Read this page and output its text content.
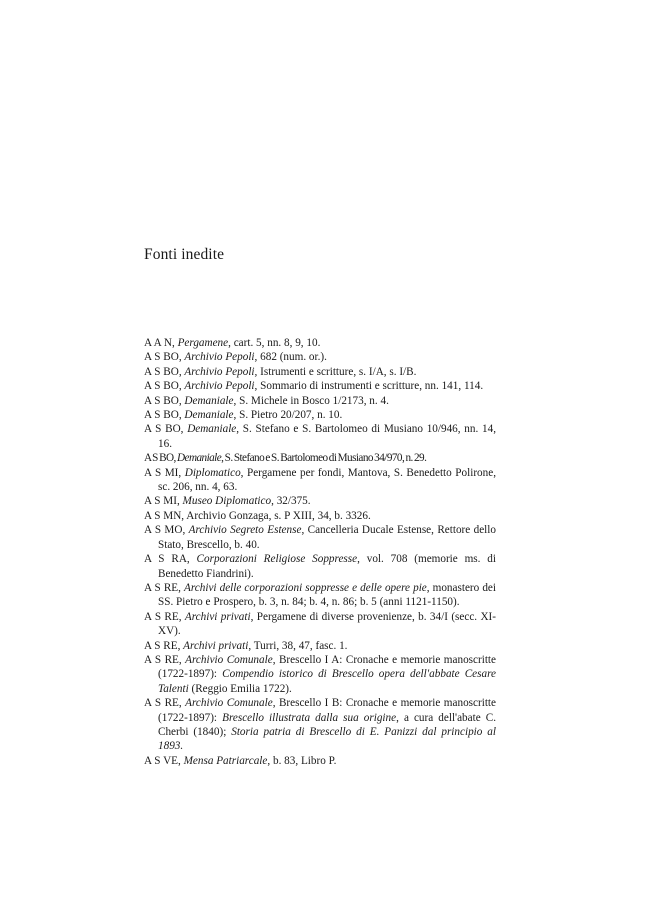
Fonti inedite
A A N, Pergamene, cart. 5, nn. 8, 9, 10.
A S BO, Archivio Pepoli, 682 (num. or.).
A S BO, Archivio Pepoli, Istrumenti e scritture, s. I/A, s. I/B.
A S BO, Archivio Pepoli, Sommario di instrumenti e scritture, nn. 141, 114.
A S BO, Demaniale, S. Michele in Bosco 1/2173, n. 4.
A S BO, Demaniale, S. Pietro 20/207, n. 10.
A S BO, Demaniale, S. Stefano e S. Bartolomeo di Musiano 10/946, nn. 14, 16.
A S BO, Demaniale, S. Stefano e S. Bartolomeo di Musiano 34/970, n. 29.
A S MI, Diplomatico, Pergamene per fondi, Mantova, S. Benedetto Polirone, sc. 206, nn. 4, 63.
A S MI, Museo Diplomatico, 32/375.
A S MN, Archivio Gonzaga, s. P XIII, 34, b. 3326.
A S MO, Archivio Segreto Estense, Cancelleria Ducale Estense, Rettore dello Stato, Brescello, b. 40.
A S RA, Corporazioni Religiose Soppresse, vol. 708 (memorie ms. di Benedetto Fiandrini).
A S RE, Archivi delle corporazioni soppresse e delle opere pie, monastero dei SS. Pietro e Prospero, b. 3, n. 84; b. 4, n. 86; b. 5 (anni 1121-1150).
A S RE, Archivi privati, Pergamene di diverse provenienze, b. 34/I (secc. XI-XV).
A S RE, Archivi privati, Turri, 38, 47, fasc. 1.
A S RE, Archivio Comunale, Brescello I A: Cronache e memorie manoscritte (1722-1897): Compendio istorico di Brescello opera dell'abbate Cesare Talenti (Reggio Emilia 1722).
A S RE, Archivio Comunale, Brescello I B: Cronache e memorie manoscritte (1722-1897): Brescello illustrata dalla sua origine, a cura dell'abate C. Cherbi (1840); Storia patria di Brescello di E. Panizzi dal principio al 1893.
A S VE, Mensa Patriarcale, b. 83, Libro P.
